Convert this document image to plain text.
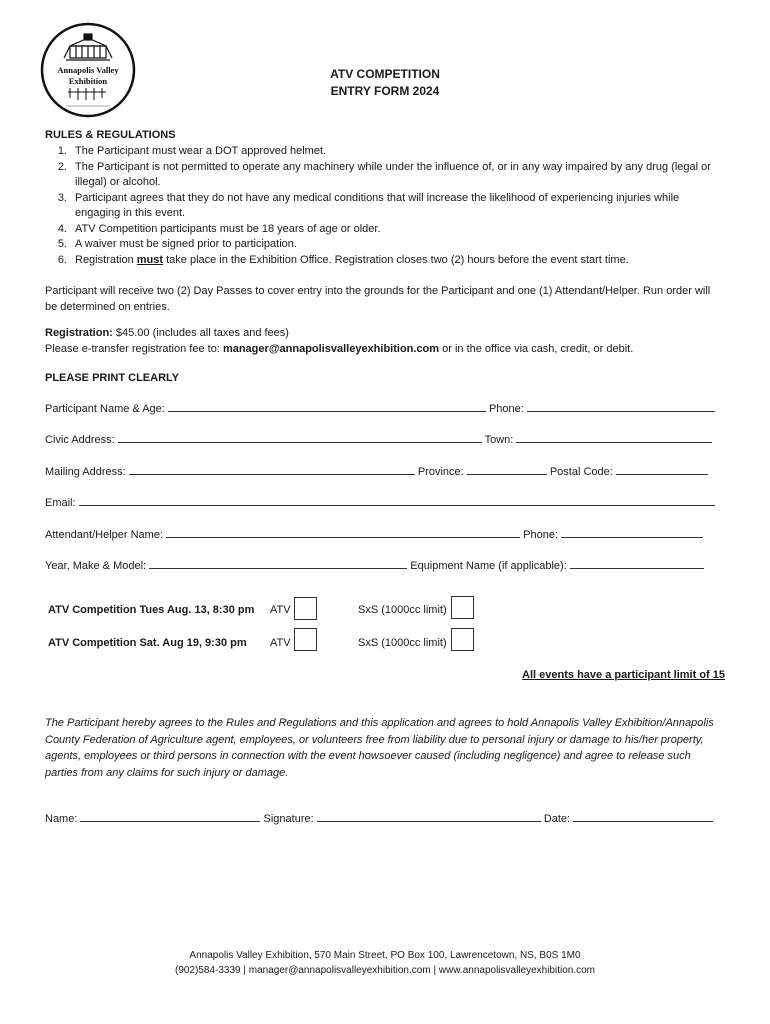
Annapolis Valley
Exhibition	ATV COMPETITION
ENTRY FORM 2024
RULES & REGULATIONS
1. The Participant must wear a DOT approved helmet.
2. The Participant is not permitted to operate any machinery while under the influence of, or in any way impaired by any drug (legal or illegal) or alcohol.
3. Participant agrees that they do not have any medical conditions that will increase the likelihood of experiencing injuries while engaging in this event.
4. ATV Competition participants must be 18 years of age or older.
5. A waiver must be signed prior to participation.
6. Registration must take place in the Exhibition Office. Registration closes two (2) hours before the event start time.
Participant will receive two (2) Day Passes to cover entry into the grounds for the Participant and one (1) Attendant/Helper. Run order will be determined on entries.
Registration: $45.00 (includes all taxes and fees)
Please e-transfer registration fee to: manager@annapolisvalleyexhibition.com or in the office via cash, credit, or debit.
PLEASE PRINT CLEARLY
Participant Name & Age:	Phone:
Civic Address:	Town:
Mailing Address:	Province:	Postal Code:
Email:
Attendant/Helper Name:	Phone:
Year, Make & Model:	Equipment Name (if applicable):
ATV Competition Tues Aug. 13, 8:30 pm ATV	SxS (1000cc limit)
ATV Competition Sat. Aug 19, 9:30 pm ATV	SxS (1000cc limit)
All events have a participant limit of 15
The Participant hereby agrees to the Rules and Regulations and this application and agrees to hold Annapolis Valley Exhibition/Annapolis County Federation of Agriculture agent, employees, or volunteers free from liability due to personal injury or damage to his/her property, agents, employees or third persons in connection with the event howsoever caused (including negligence) and agree to release such parties from any claims for such injury or damage.
Name:	Signature:	Date:
Annapolis Valley Exhibition, 570 Main Street, PO Box 100, Lawrencetown, NS, B0S 1M0
(902)584-3339 | manager@annapolisvalleyexhibition.com | www.annapolisvalleyexhibition.com
